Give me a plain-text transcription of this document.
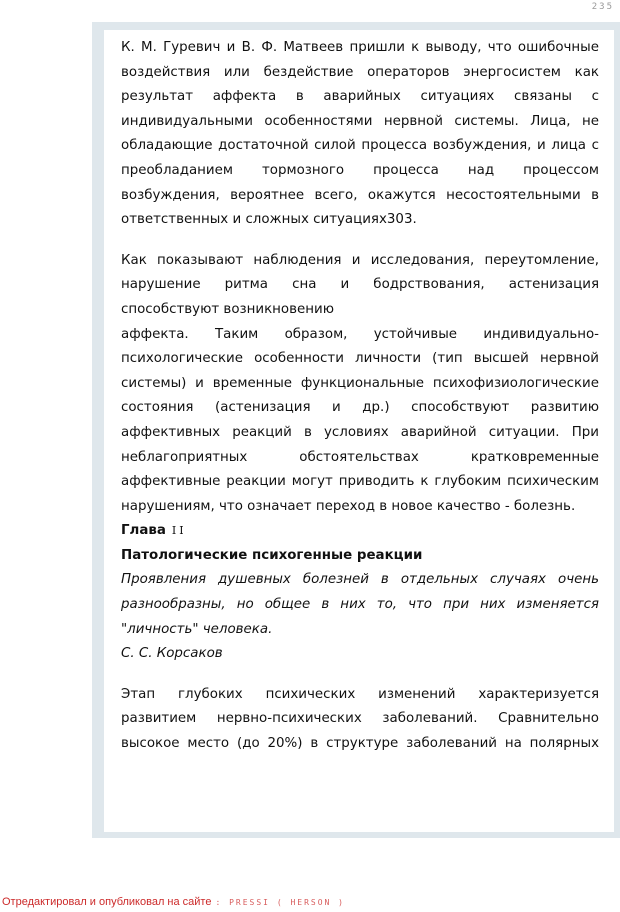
235

К. М. Гуревич и В. Ф. Матвеев пришли к выводу, что ошибочные воздействия или бездействие операторов энергосистем как результат аффекта в аварийных ситуациях связаны с индивидуальными особенностями нервной системы. Лица, не обладающие достаточной силой процесса возбуждения, и лица с преобладанием тормозного процесса над процессом возбуждения, вероятнее всего, окажутся несостоятельными в ответственных и сложных ситуациях303.

Как показывают наблюдения и исследования, переутомление, нарушение ритма сна и бодрствования, астенизация способствуют возникновению

аффекта. Таким образом, устойчивые индивидуально-психологические особенности личности (тип высшей нервной системы) и временные функциональные психофизиологические состояния (астенизация и др.) способствуют развитию аффективных реакций в условиях аварийной ситуации. При неблагоприятных обстоятельствах кратковременные аффективные реакции могут приводить к глубоким психическим нарушениям, что означает переход в новое качество - болезнь.

Глава II

Патологические психогенные реакции

Проявления душевных болезней в отдельных случаях очень разнообразны, но общее в них то, что при них изменяется "личность" человека.

С. С. Корсаков

Этап глубоких психических изменений характеризуется развитием нервно-психических заболеваний. Сравнительно высокое место (до 20%) в структуре заболеваний на полярных

Отредактировал и опубликовал на сайте : PRESSI ( HERSON )
